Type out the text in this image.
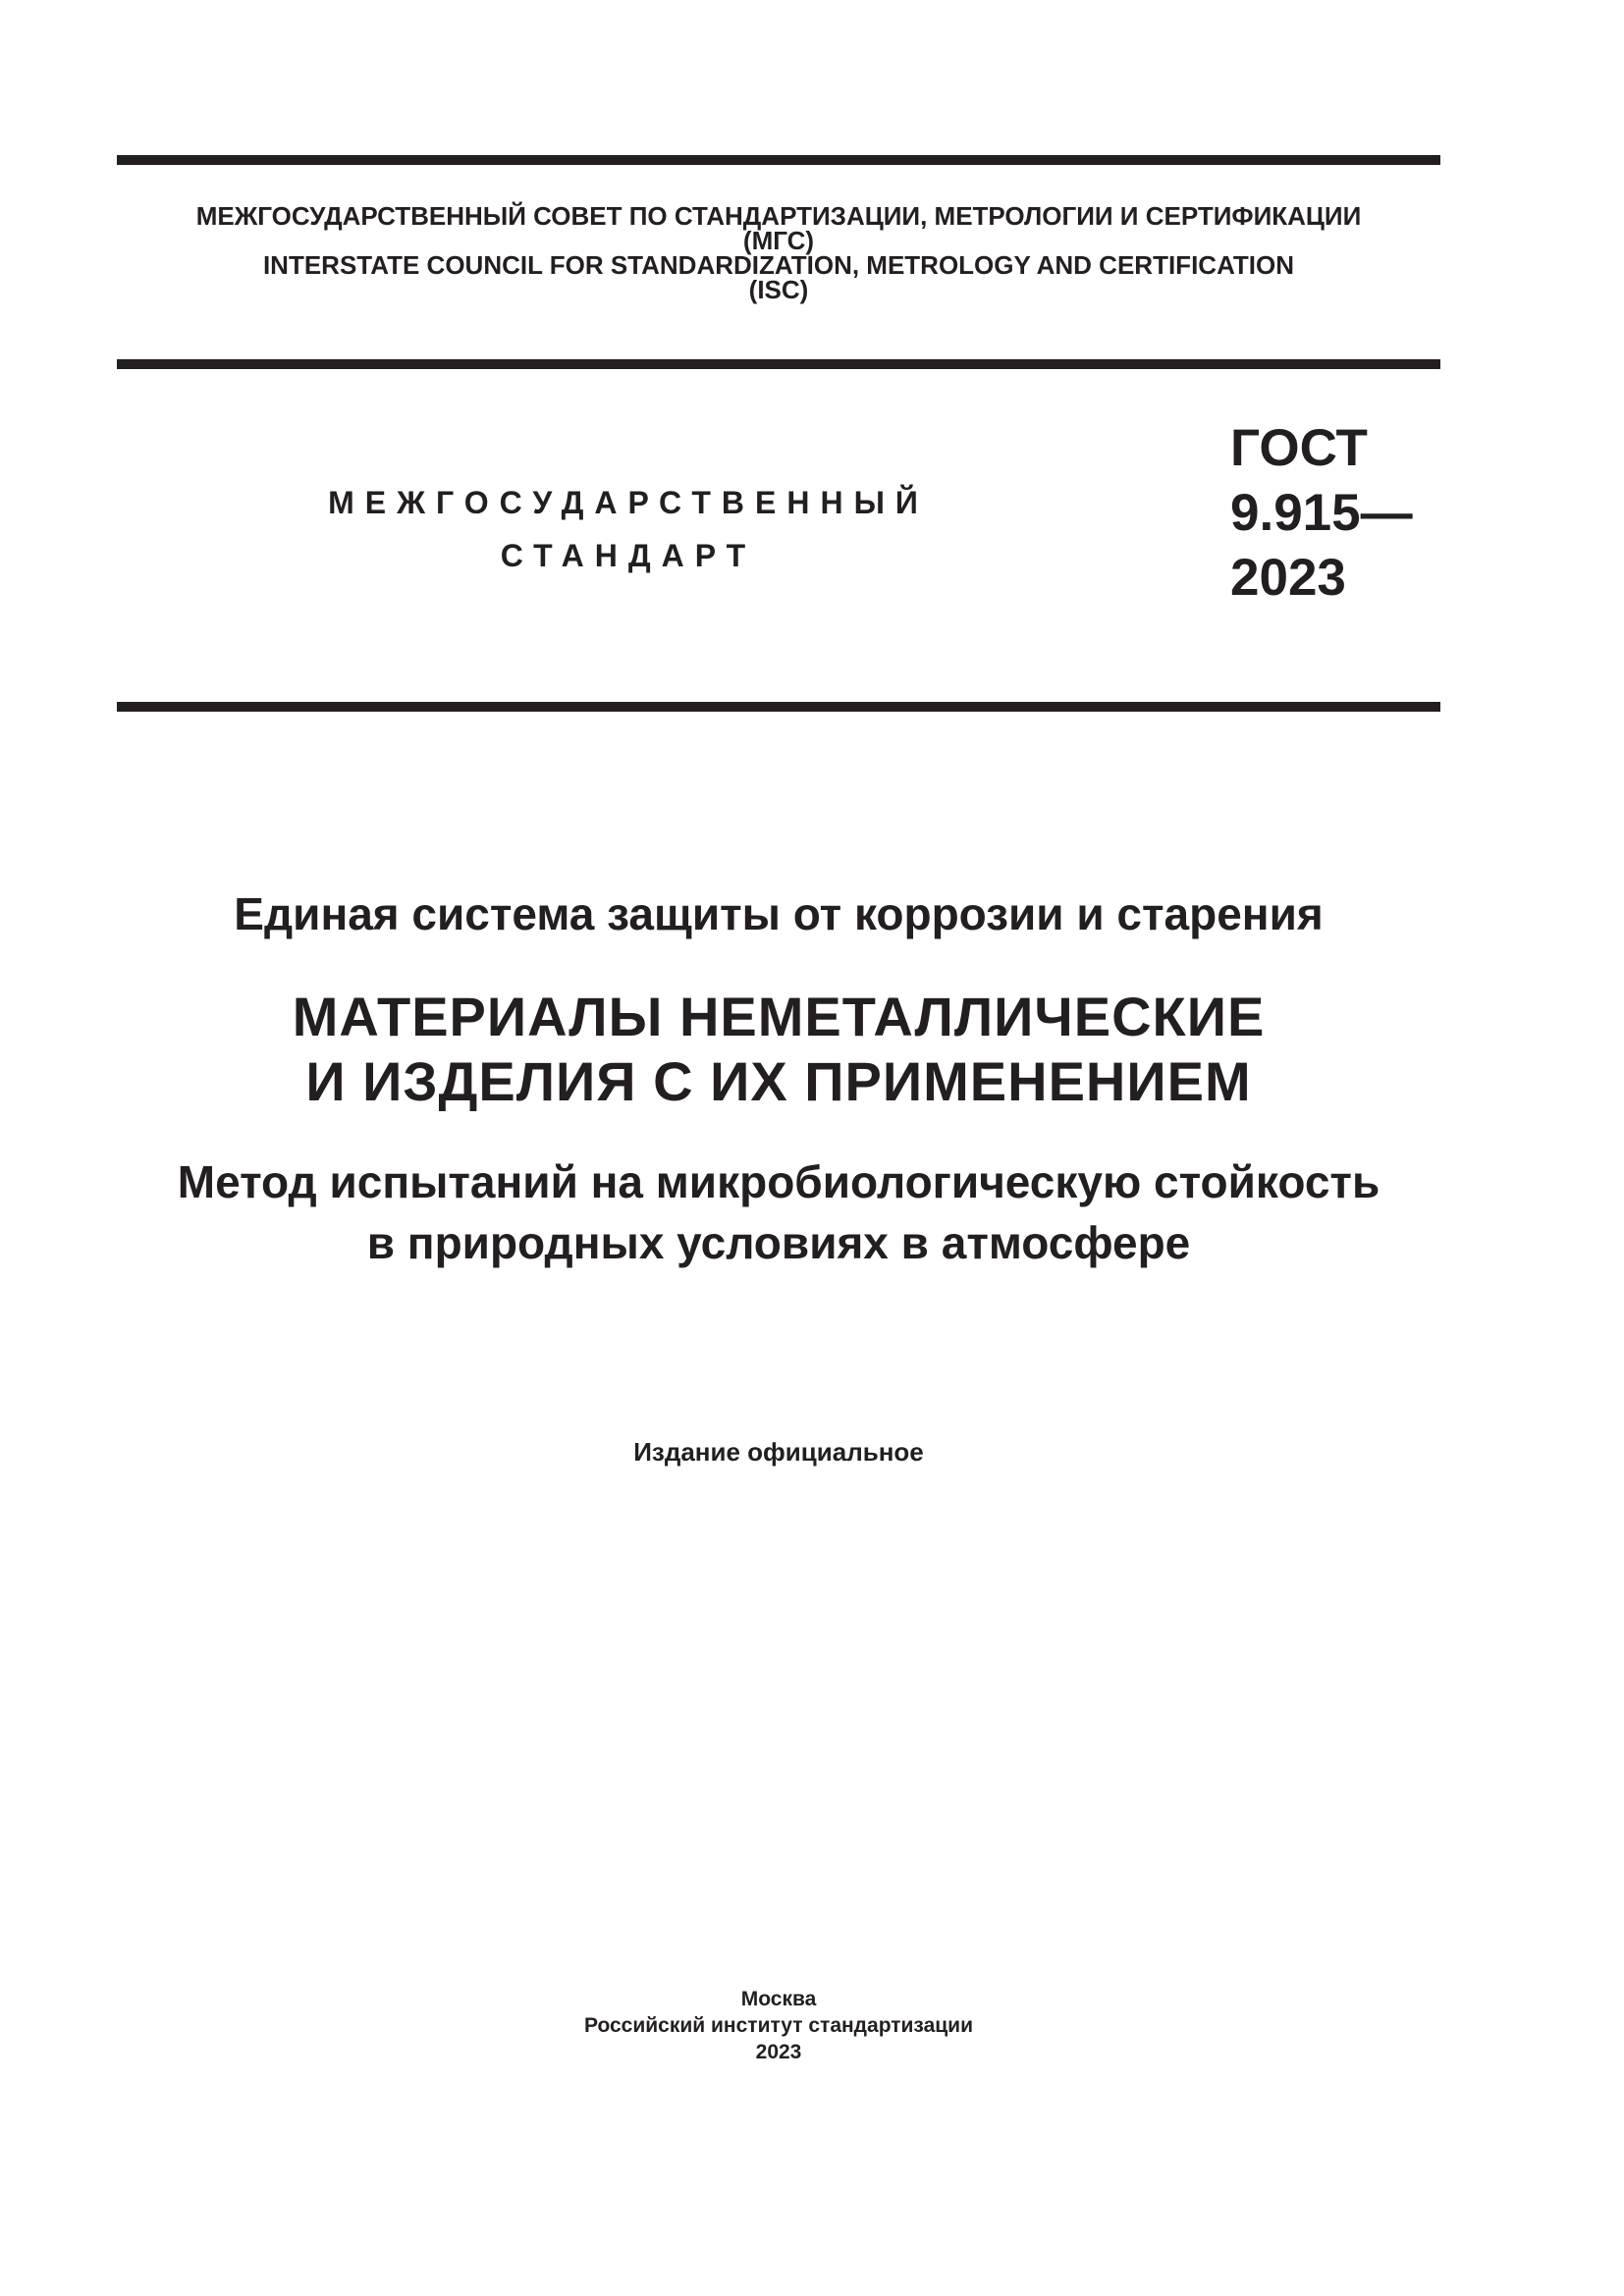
МЕЖГОСУДАРСТВЕННЫЙ СОВЕТ ПО СТАНДАРТИЗАЦИИ, МЕТРОЛОГИИ И СЕРТИФИКАЦИИ
(МГС)
INTERSTATE COUNCIL FOR STANDARDIZATION, METROLOGY AND CERTIFICATION
(ISC)
МЕЖГОСУДАРСТВЕННЫЙ
СТАНДАРТ
ГОСТ
9.915—
2023
Единая система защиты от коррозии и старения
МАТЕРИАЛЫ НЕМЕТАЛЛИЧЕСКИЕ
И ИЗДЕЛИЯ С ИХ ПРИМЕНЕНИЕМ
Метод испытаний на микробиологическую стойкость
в природных условиях в атмосфере
Издание официальное
Москва
Российский институт стандартизации
2023
